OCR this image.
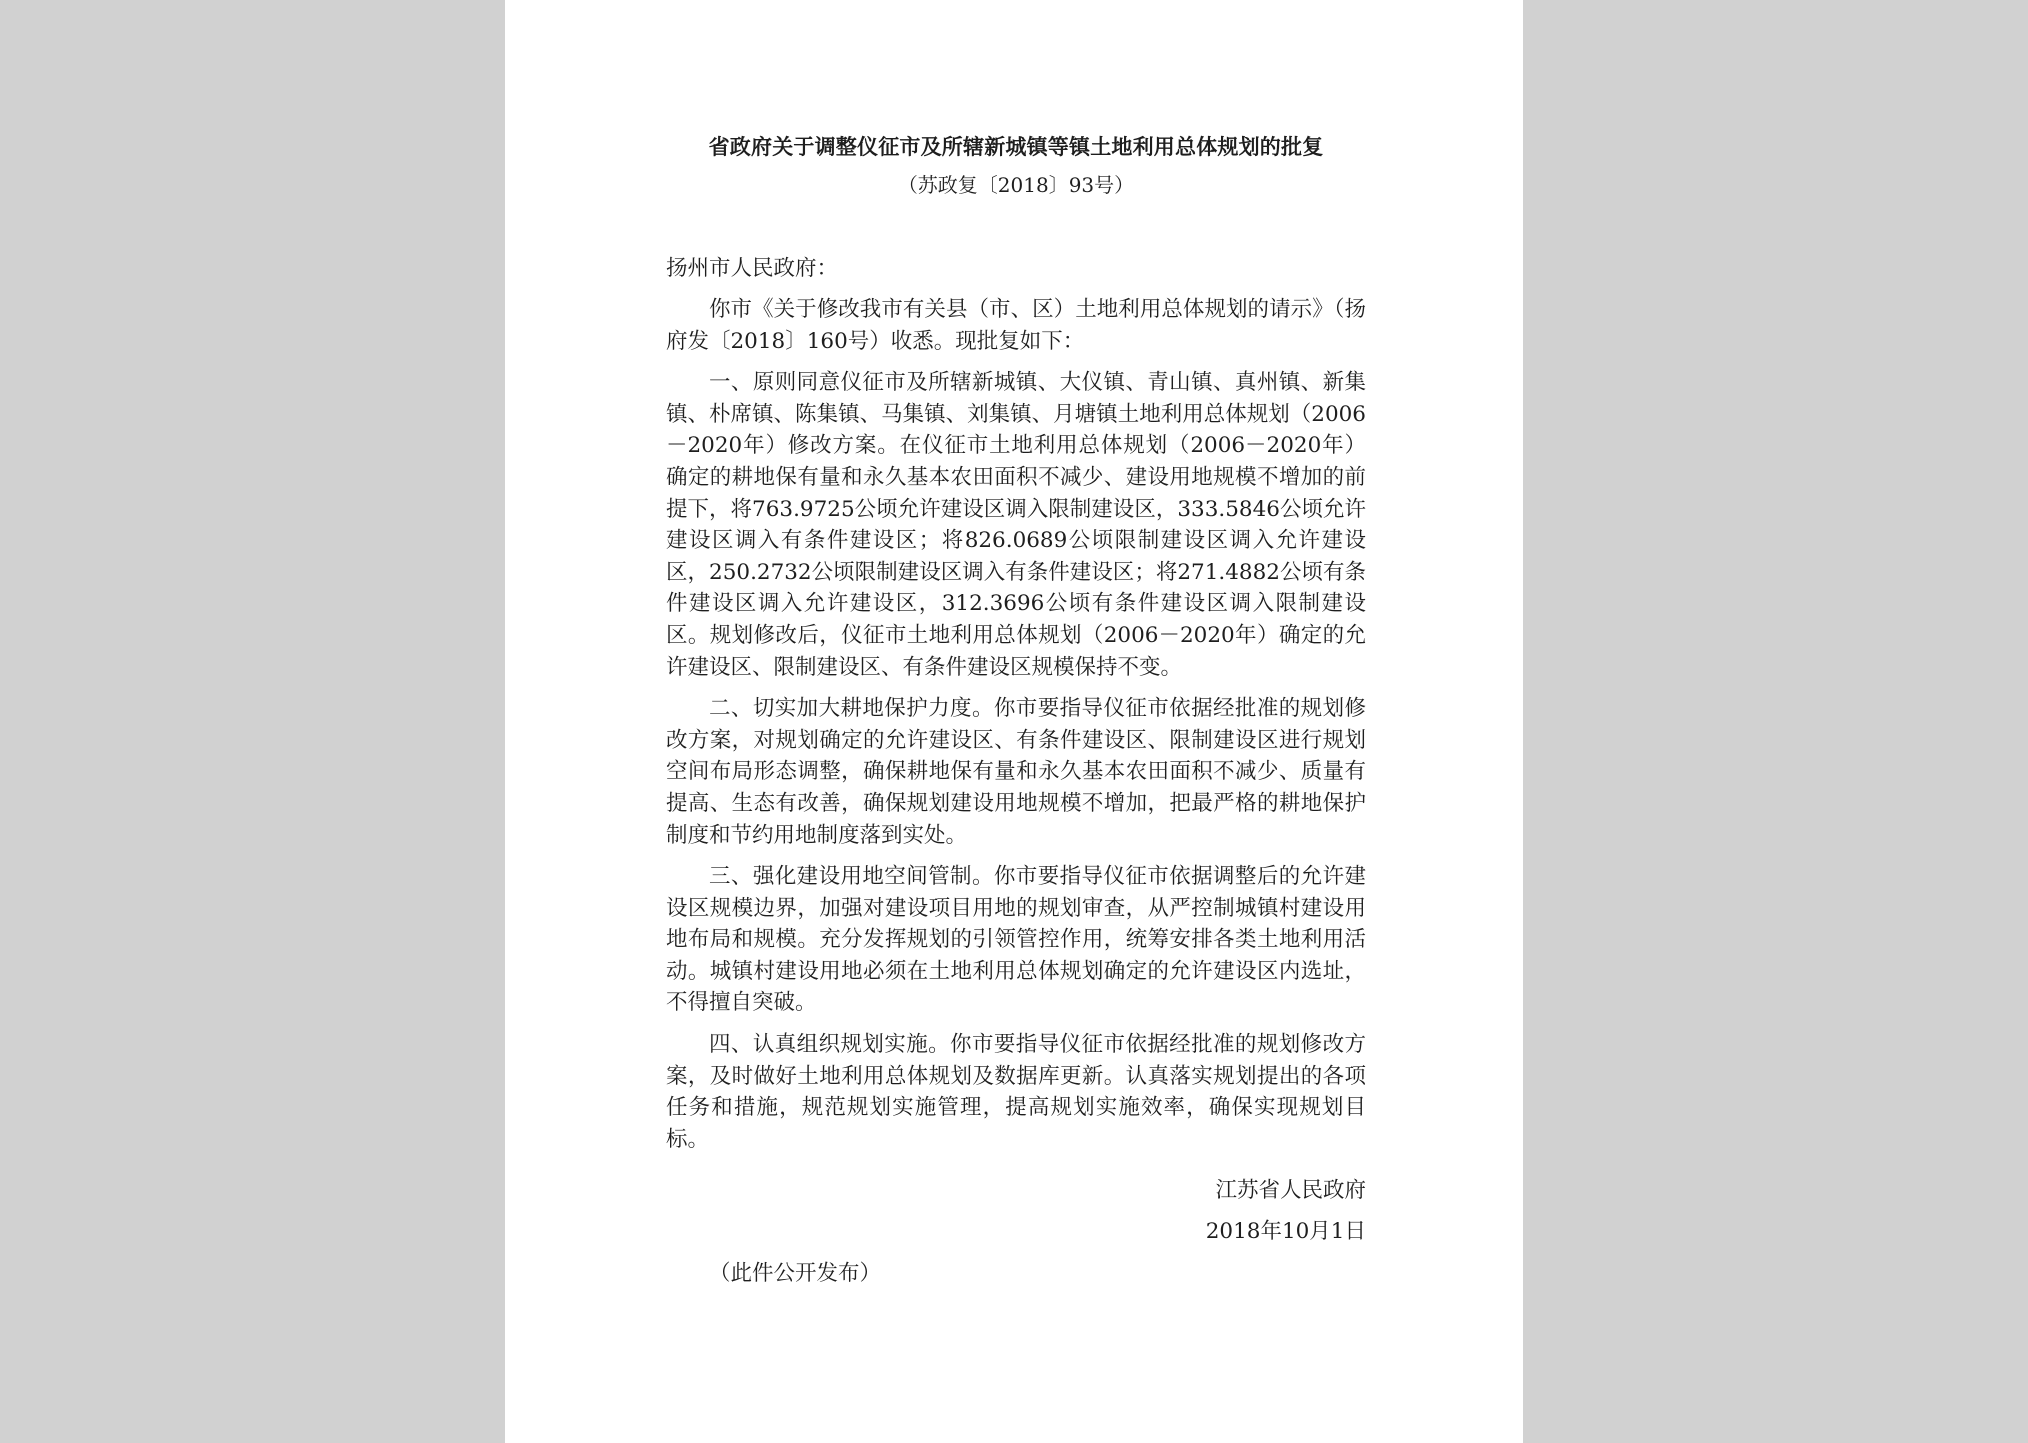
省政府关于调整仪征市及所辖新城镇等镇土地利用总体规划的批复
（苏政复〔2018〕93号）
扬州市人民政府：

你市《关于修改我市有关县（市、区）土地利用总体规划的请示》（扬府发〔2018〕160号）收悉。现批复如下：

一、原则同意仪征市及所辖新城镇、大仪镇、青山镇、真州镇、新集镇、朴席镇、陈集镇、马集镇、刘集镇、月塘镇土地利用总体规划（2006－2020年）修改方案。在仪征市土地利用总体规划（2006－2020年）确定的耕地保有量和永久基本农田面积不减少、建设用地规模不增加的前提下，将763.9725公顷允许建设区调入限制建设区，333.5846公顷允许建设区调入有条件建设区；将826.0689公顷限制建设区调入允许建设区，250.2732公顷限制建设区调入有条件建设区；将271.4882公顷有条件建设区调入允许建设区，312.3696公顷有条件建设区调入限制建设区。规划修改后，仪征市土地利用总体规划（2006－2020年）确定的允许建设区、限制建设区、有条件建设区规模保持不变。

二、切实加大耕地保护力度。你市要指导仪征市依据经批准的规划修改方案，对规划确定的允许建设区、有条件建设区、限制建设区进行规划空间布局形态调整，确保耕地保有量和永久基本农田面积不减少、质量有提高、生态有改善，确保规划建设用地规模不增加，把最严格的耕地保护制度和节约用地制度落到实处。

三、强化建设用地空间管制。你市要指导仪征市依据调整后的允许建设区规模边界，加强对建设项目用地的规划审查，从严控制城镇村建设用地布局和规模。充分发挥规划的引领管控作用，统筹安排各类土地利用活动。城镇村建设用地必须在土地利用总体规划确定的允许建设区内选址，不得擅自突破。

四、认真组织规划实施。你市要指导仪征市依据经批准的规划修改方案，及时做好土地利用总体规划及数据库更新。认真落实规划提出的各项任务和措施，规范规划实施管理，提高规划实施效率，确保实现规划目标。

江苏省人民政府
2018年10月1日
（此件公开发布）
